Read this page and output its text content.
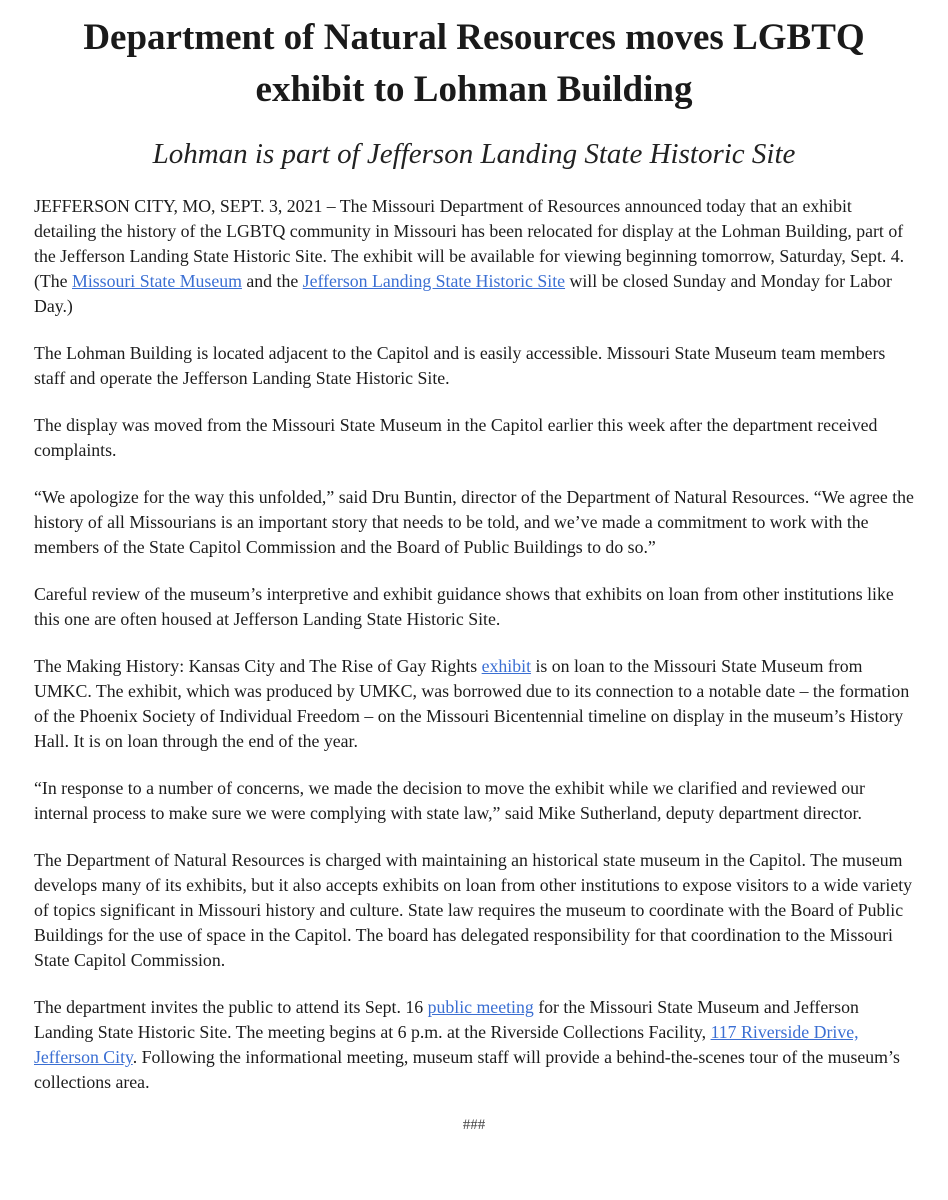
Department of Natural Resources moves LGBTQ exhibit to Lohman Building
Lohman is part of Jefferson Landing State Historic Site

JEFFERSON CITY, MO, SEPT. 3, 2021 – The Missouri Department of Resources announced today that an exhibit detailing the history of the LGBTQ community in Missouri has been relocated for display at the Lohman Building, part of the Jefferson Landing State Historic Site. The exhibit will be available for viewing beginning tomorrow, Saturday, Sept. 4. (The Missouri State Museum and the Jefferson Landing State Historic Site will be closed Sunday and Monday for Labor Day.)

The Lohman Building is located adjacent to the Capitol and is easily accessible. Missouri State Museum team members staff and operate the Jefferson Landing State Historic Site.

The display was moved from the Missouri State Museum in the Capitol earlier this week after the department received complaints.

“We apologize for the way this unfolded,” said Dru Buntin, director of the Department of Natural Resources. “We agree the history of all Missourians is an important story that needs to be told, and we’ve made a commitment to work with the members of the State Capitol Commission and the Board of Public Buildings to do so.”

Careful review of the museum’s interpretive and exhibit guidance shows that exhibits on loan from other institutions like this one are often housed at Jefferson Landing State Historic Site.

The Making History: Kansas City and The Rise of Gay Rights exhibit is on loan to the Missouri State Museum from UMKC. The exhibit, which was produced by UMKC, was borrowed due to its connection to a notable date – the formation of the Phoenix Society of Individual Freedom – on the Missouri Bicentennial timeline on display in the museum’s History Hall. It is on loan through the end of the year.

“In response to a number of concerns, we made the decision to move the exhibit while we clarified and reviewed our internal process to make sure we were complying with state law,” said Mike Sutherland, deputy department director.

The Department of Natural Resources is charged with maintaining an historical state museum in the Capitol. The museum develops many of its exhibits, but it also accepts exhibits on loan from other institutions to expose visitors to a wide variety of topics significant in Missouri history and culture. State law requires the museum to coordinate with the Board of Public Buildings for the use of space in the Capitol. The board has delegated responsibility for that coordination to the Missouri State Capitol Commission.

The department invites the public to attend its Sept. 16 public meeting for the Missouri State Museum and Jefferson Landing State Historic Site. The meeting begins at 6 p.m. at the Riverside Collections Facility, 117 Riverside Drive, Jefferson City. Following the informational meeting, museum staff will provide a behind-the-scenes tour of the museum’s collections area.

###
